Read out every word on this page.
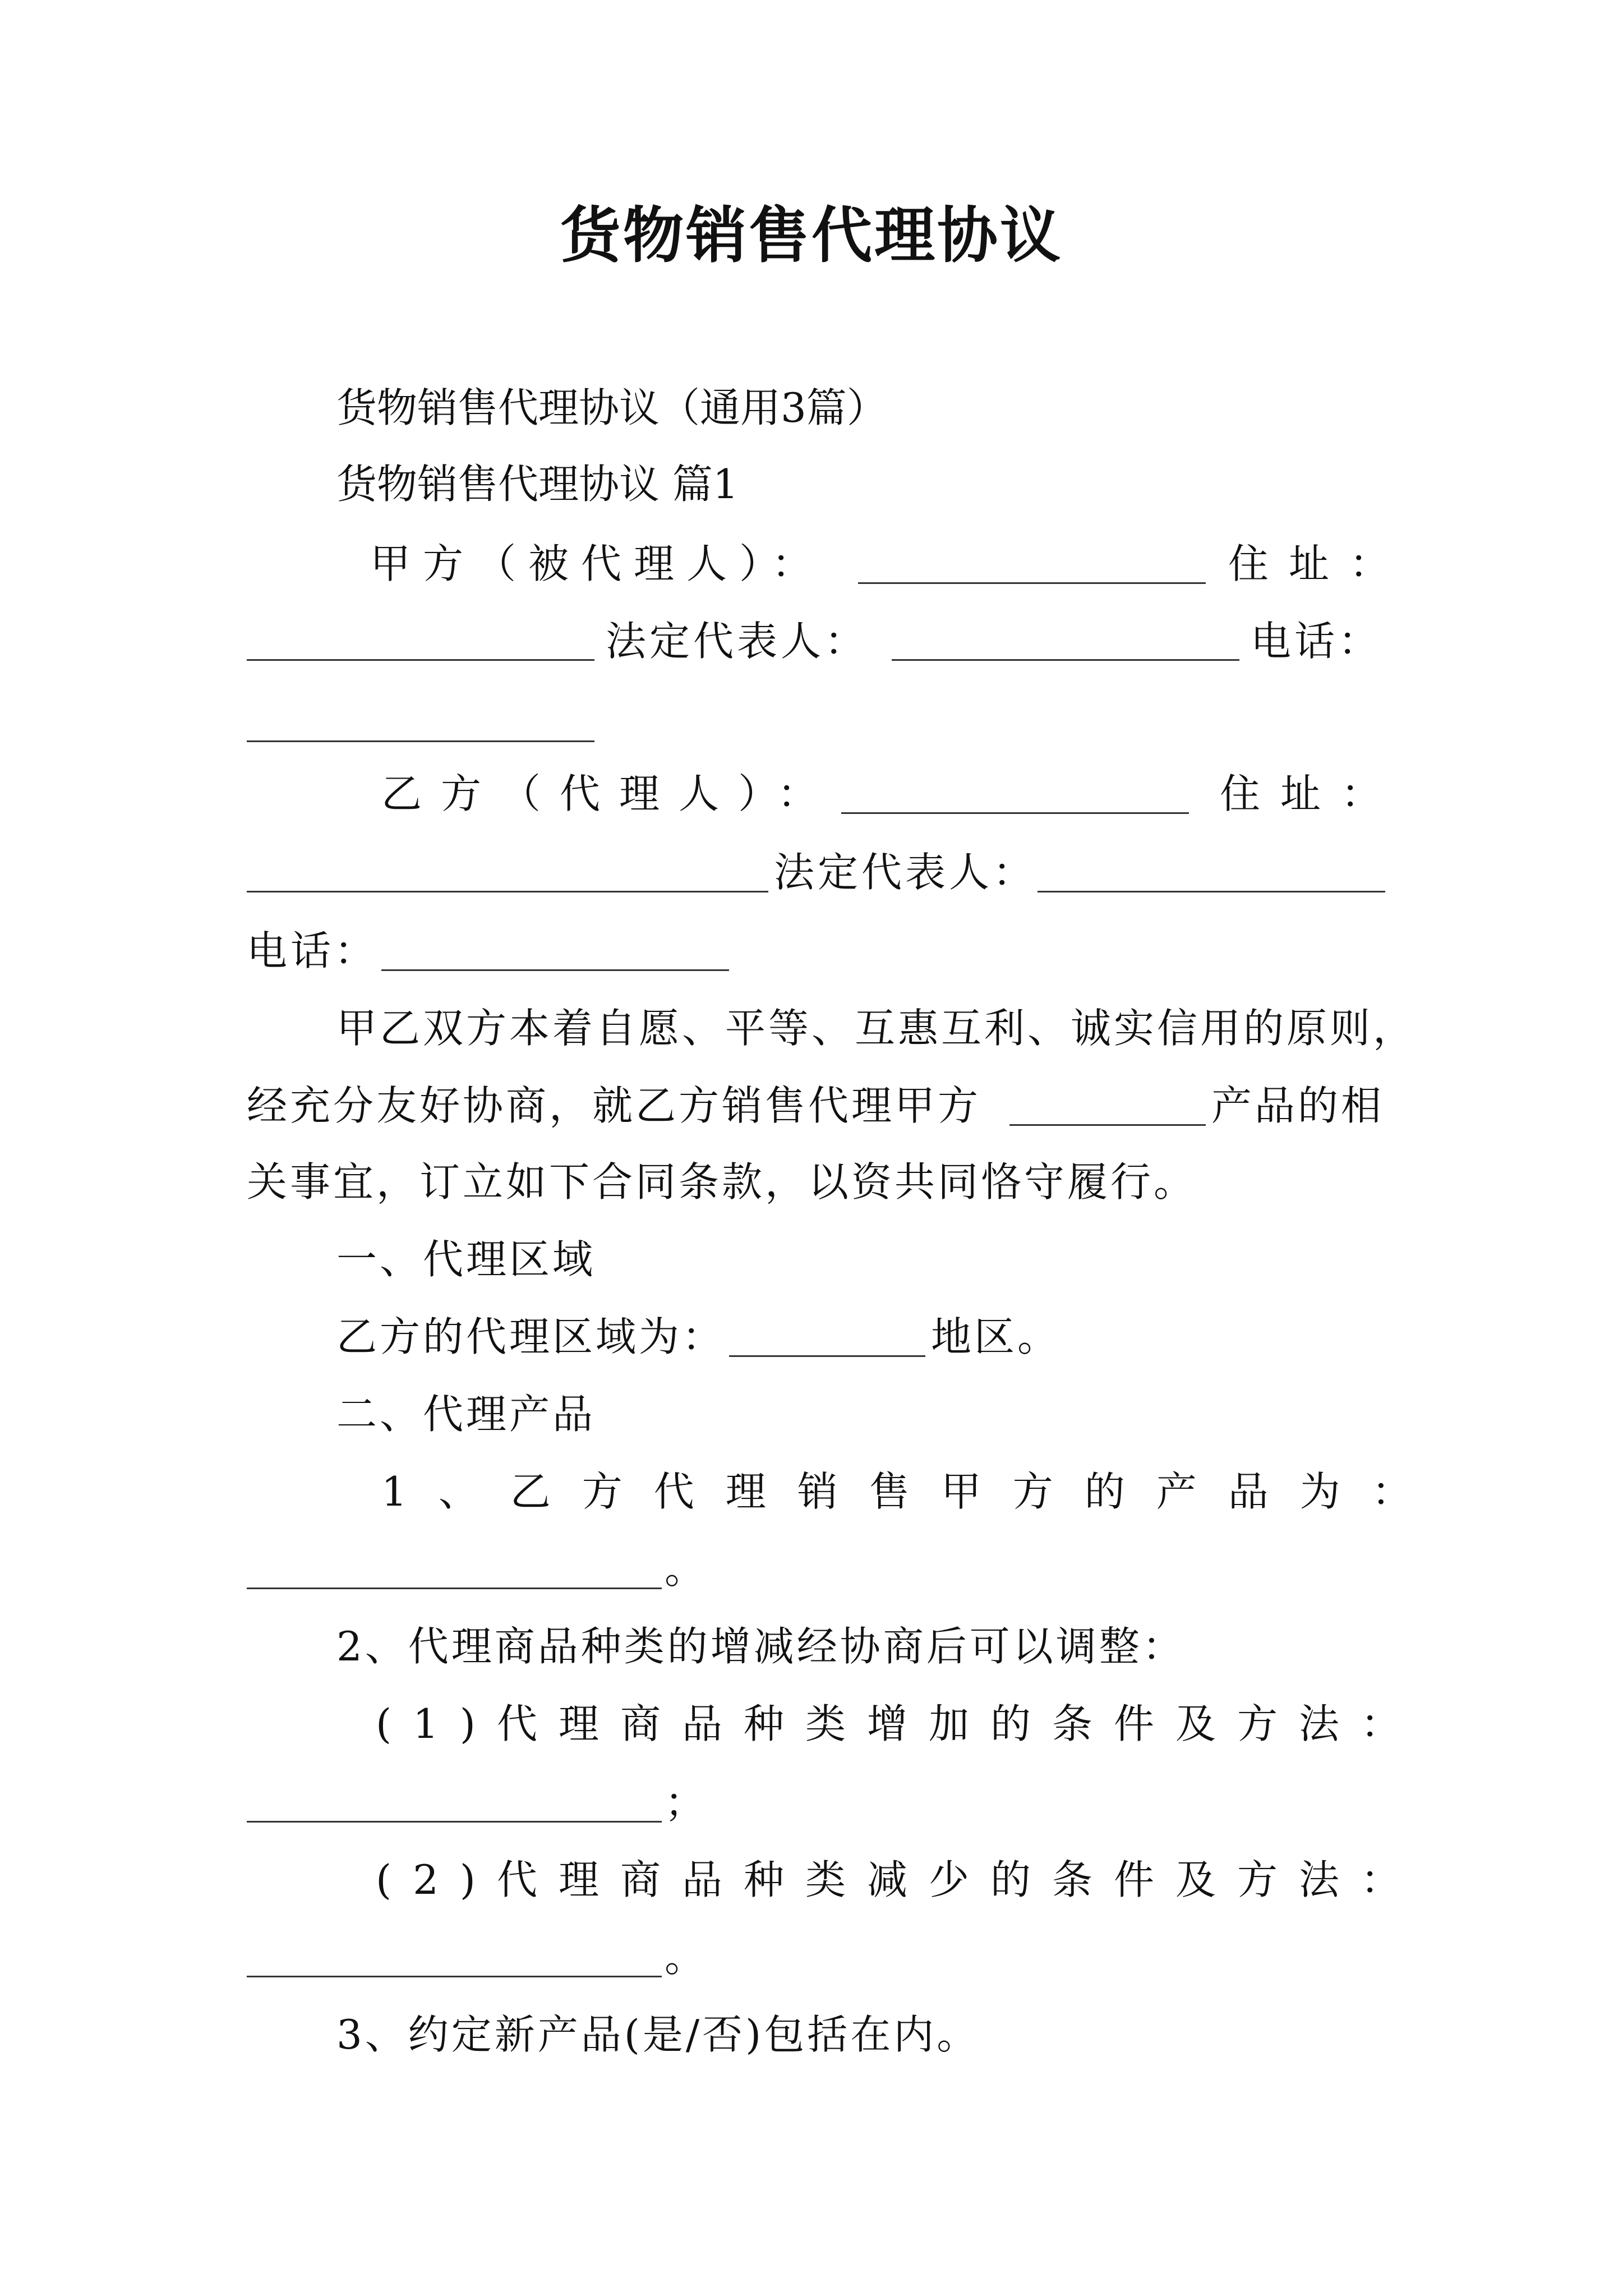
货物销售代理协议
货物销售代理协议（通用3篇）
货物销售代理协议 篇1
甲方（被代理人）：	住址：
法定代表人：	电话：
乙方（代理人）：	住址：
法定代表人：
电话：
甲乙双方本着自愿、平等、互惠互利、诚实信用的原则，
经充分友好协商，就乙方销售代理甲方	产品的相
关事宜，订立如下合同条款，以资共同恪守履行。
一、代理区域
乙方的代理区域为：	地区。
二、代理产品
1、乙方代理销售甲方的产品为：
。
2、代理商品种类的增减经协商后可以调整：
(1)代理商品种类增加的条件及方法：
；
(2)代理商品种类减少的条件及方法：
。
3、约定新产品(是/否)包括在内。
